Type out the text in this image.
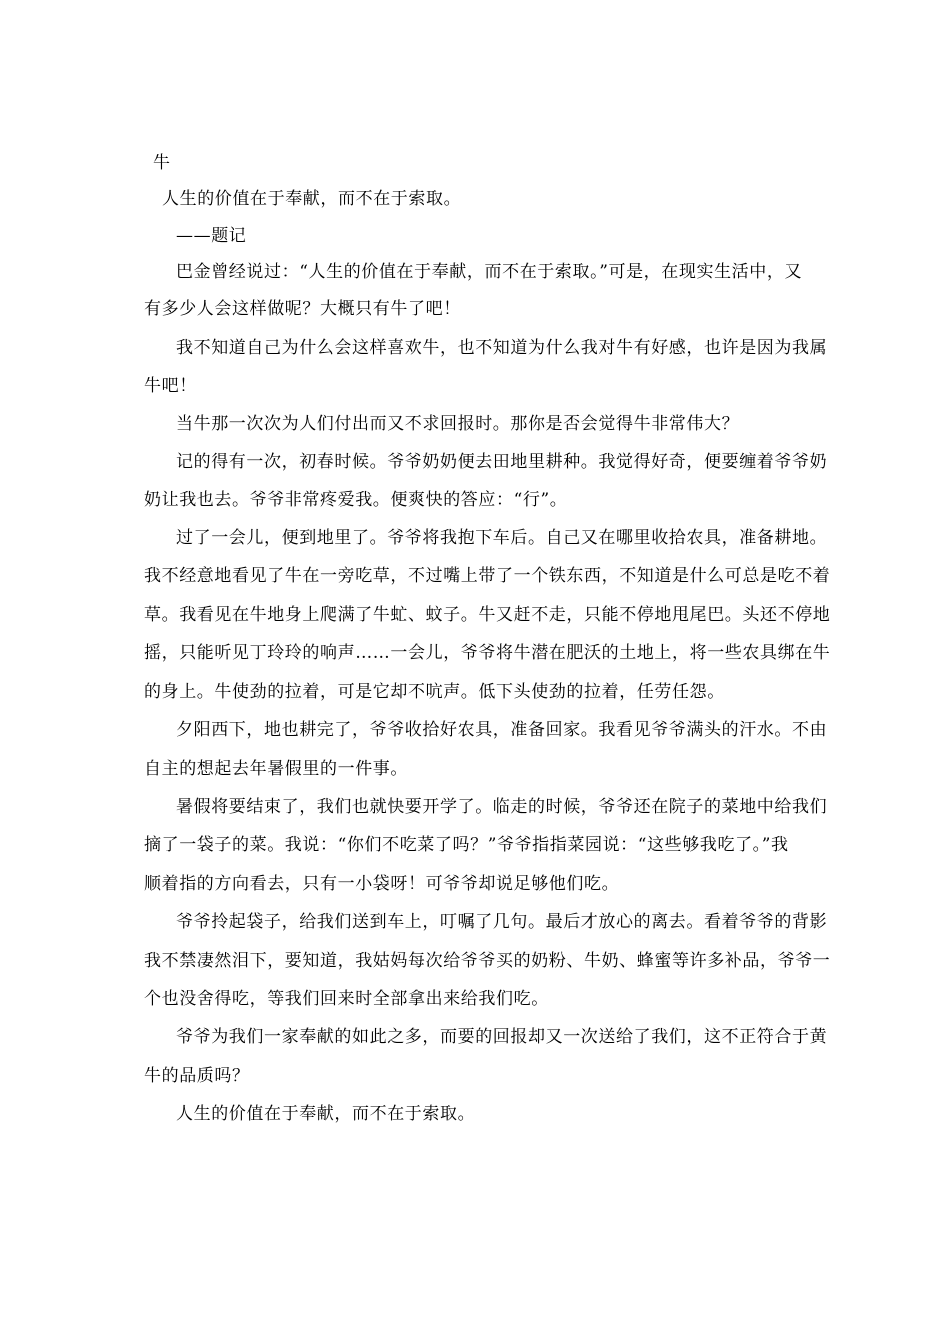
牛
人生的价值在于奉献，而不在于索取。
——题记
巴金曾经说过：“人生的价值在于奉献，而不在于索取。”可是，在现实生活中，又
有多少人会这样做呢？大概只有牛了吧！
我不知道自己为什么会这样喜欢牛，也不知道为什么我对牛有好感，也许是因为我属
牛吧！
当牛那一次次为人们付出而又不求回报时。那你是否会觉得牛非常伟大？
记的得有一次，初春时候。爷爷奶奶便去田地里耕种。我觉得好奇，便要缠着爷爷奶
奶让我也去。爷爷非常疼爱我。便爽快的答应：“行”。
过了一会儿，便到地里了。爷爷将我抱下车后。自己又在哪里收拾农具，准备耕地。
我不经意地看见了牛在一旁吃草，不过嘴上带了一个铁东西，不知道是什么可总是吃不着
草。我看见在牛地身上爬满了牛虻、蚊子。牛又赶不走，只能不停地甩尾巴。头还不停地
摇，只能听见丁玲玲的响声……一会儿，爷爷将牛潜在肥沃的土地上，将一些农具绑在牛
的身上。牛使劲的拉着，可是它却不吭声。低下头使劲的拉着，任劳任怨。
夕阳西下，地也耕完了，爷爷收拾好农具，准备回家。我看见爷爷满头的汗水。不由
自主的想起去年暑假里的一件事。
暑假将要结束了，我们也就快要开学了。临走的时候，爷爷还在院子的菜地中给我们
摘了一袋子的菜。我说：“你们不吃菜了吗？”爷爷指指菜园说：“这些够我吃了。”我
顺着指的方向看去，只有一小袋呀！可爷爷却说足够他们吃。
爷爷拎起袋子，给我们送到车上，叮嘱了几句。最后才放心的离去。看着爷爷的背影
我不禁凄然泪下，要知道，我姑妈每次给爷爷买的奶粉、牛奶、蜂蜜等许多补品，爷爷一
个也没舍得吃，等我们回来时全部拿出来给我们吃。
爷爷为我们一家奉献的如此之多，而要的回报却又一次送给了我们，这不正符合于黄
牛的品质吗？
人生的价值在于奉献，而不在于索取。
